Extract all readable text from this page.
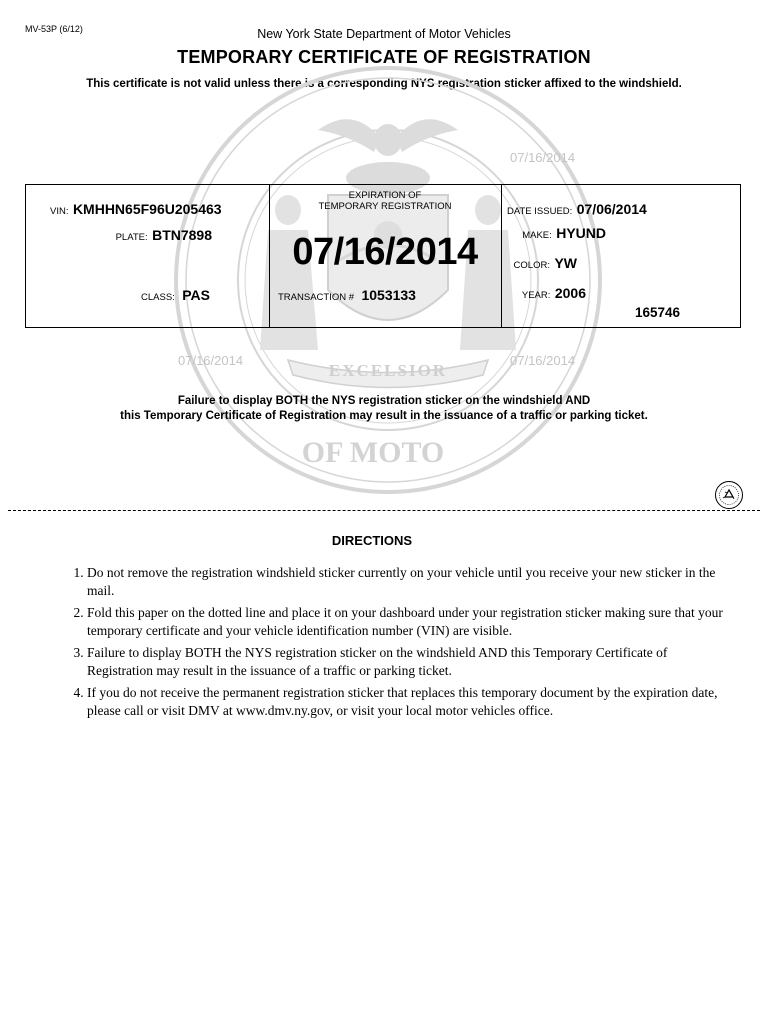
MV-53P (6/12)	New York State Department of Motor Vehicles
TEMPORARY CERTIFICATE OF REGISTRATION
This certificate is not valid unless there is a corresponding NYS registration sticker affixed to the windshield.
EXCELSIOR
OF MOTO
07/16/2014
07/16/2014	07/16/2014
VIN: KMHHN65F96U205463
PLATE: BTN7898
CLASS: PAS
EXPIRATION OF
TEMPORARY REGISTRATION
07/16/2014
TRANSACTION # 1053133
DATE ISSUED: 07/06/2014
MAKE: HYUND
COLOR: YW
YEAR: 2006
165746
Failure to display BOTH the NYS registration sticker on the windshield AND
this Temporary Certificate of Registration may result in the issuance of a traffic or parking ticket.
DIRECTIONS
1. Do not remove the registration windshield sticker currently on your vehicle until you receive your new sticker in the mail.
2. Fold this paper on the dotted line and place it on your dashboard under your registration sticker making sure that your temporary certificate and your vehicle identification number (VIN) are visible.
3. Failure to display BOTH the NYS registration sticker on the windshield AND this Temporary Certificate of Registration may result in the issuance of a traffic or parking ticket.
4. If you do not receive the permanent registration sticker that replaces this temporary document by the expiration date, please call or visit DMV at www.dmv.ny.gov, or visit your local motor vehicles office.
